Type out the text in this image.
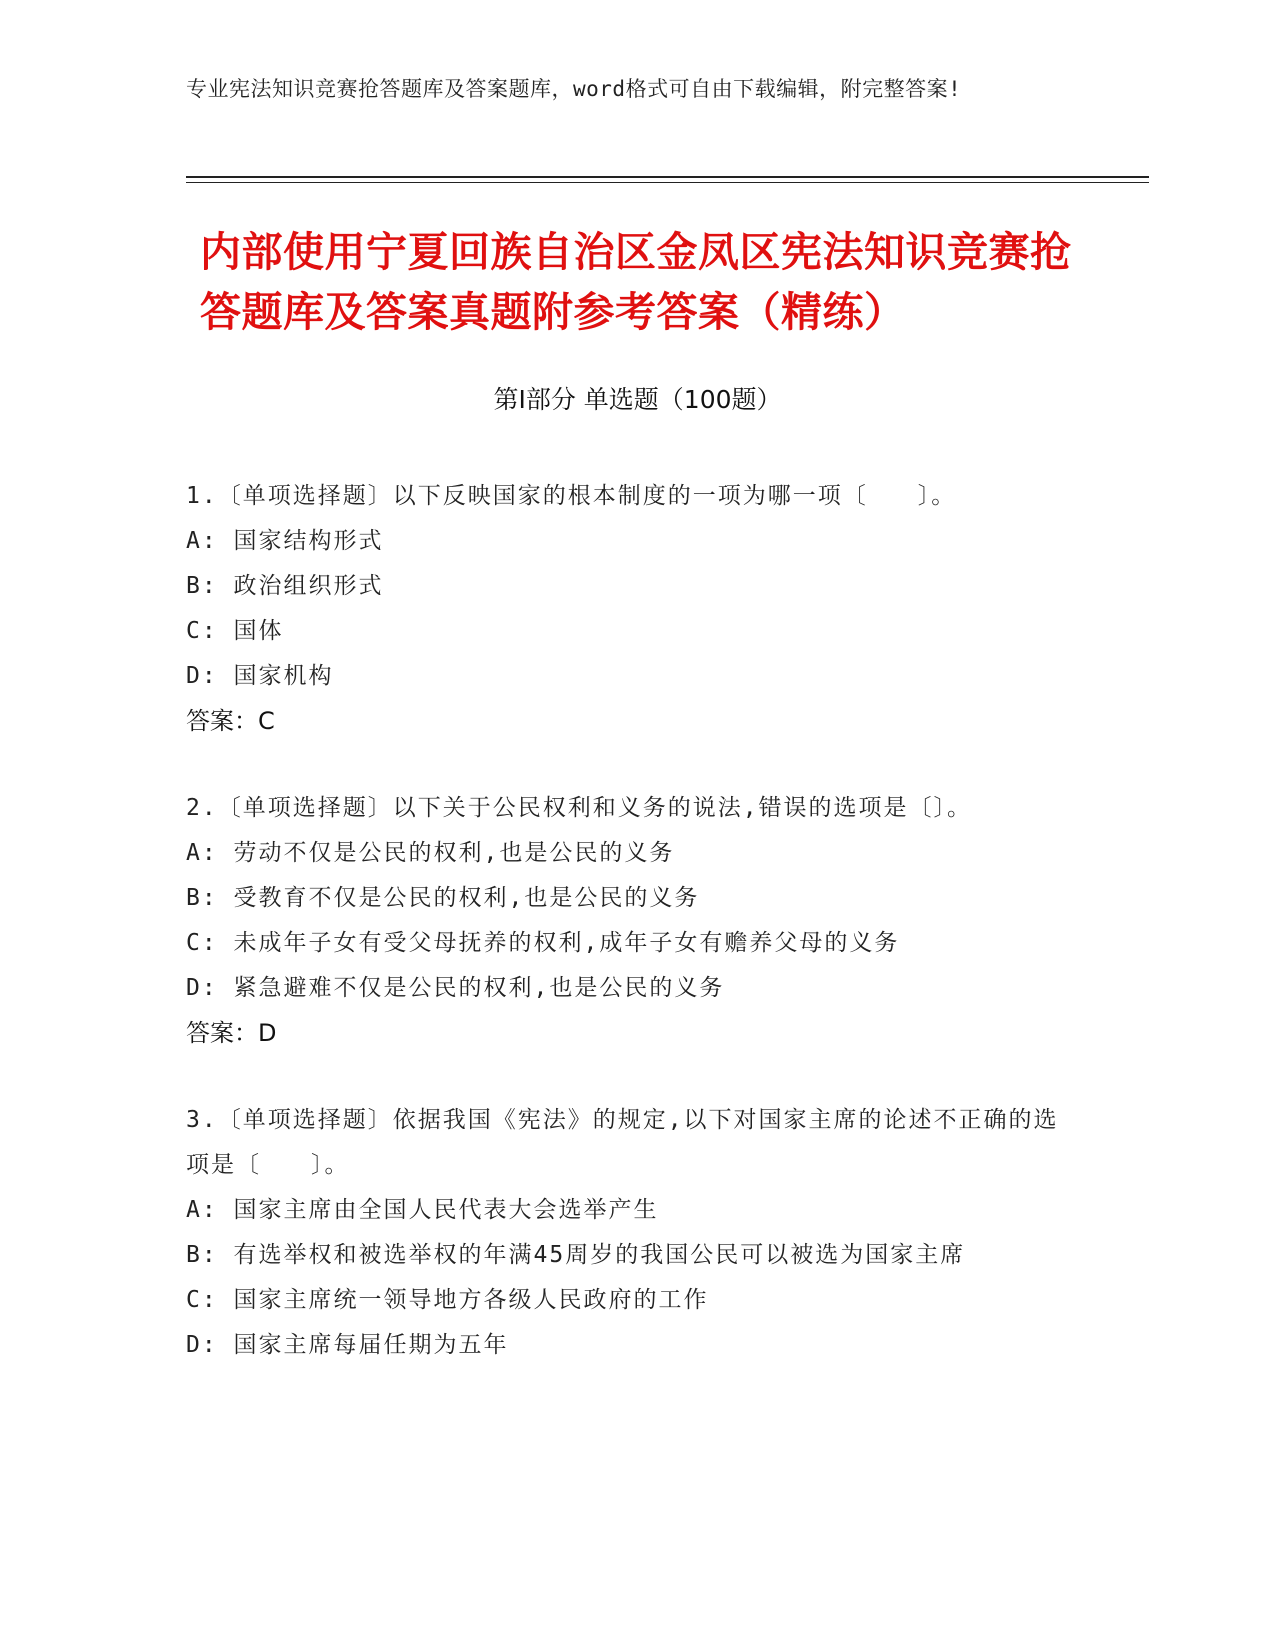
专业宪法知识竞赛抢答题库及答案题库，word格式可自由下载编辑，附完整答案!
内部使用宁夏回族自治区金凤区宪法知识竞赛抢答题库及答案真题附参考答案（精练）
第Ⅰ部分 单选题（100题）
1.〔单项选择题〕以下反映国家的根本制度的一项为哪一项〔　　〕。
A: 国家结构形式
B: 政治组织形式
C: 国体
D: 国家机构
答案：C
2.〔单项选择题〕以下关于公民权利和义务的说法,错误的选项是〔〕。
A: 劳动不仅是公民的权利,也是公民的义务
B: 受教育不仅是公民的权利,也是公民的义务
C: 未成年子女有受父母抚养的权利,成年子女有赡养父母的义务
D: 紧急避难不仅是公民的权利,也是公民的义务
答案：D
3.〔单项选择题〕依据我国《宪法》的规定,以下对国家主席的论述不正确的选项是〔　　〕。
A: 国家主席由全国人民代表大会选举产生
B: 有选举权和被选举权的年满45周岁的我国公民可以被选为国家主席
C: 国家主席统一领导地方各级人民政府的工作
D: 国家主席每届任期为五年
